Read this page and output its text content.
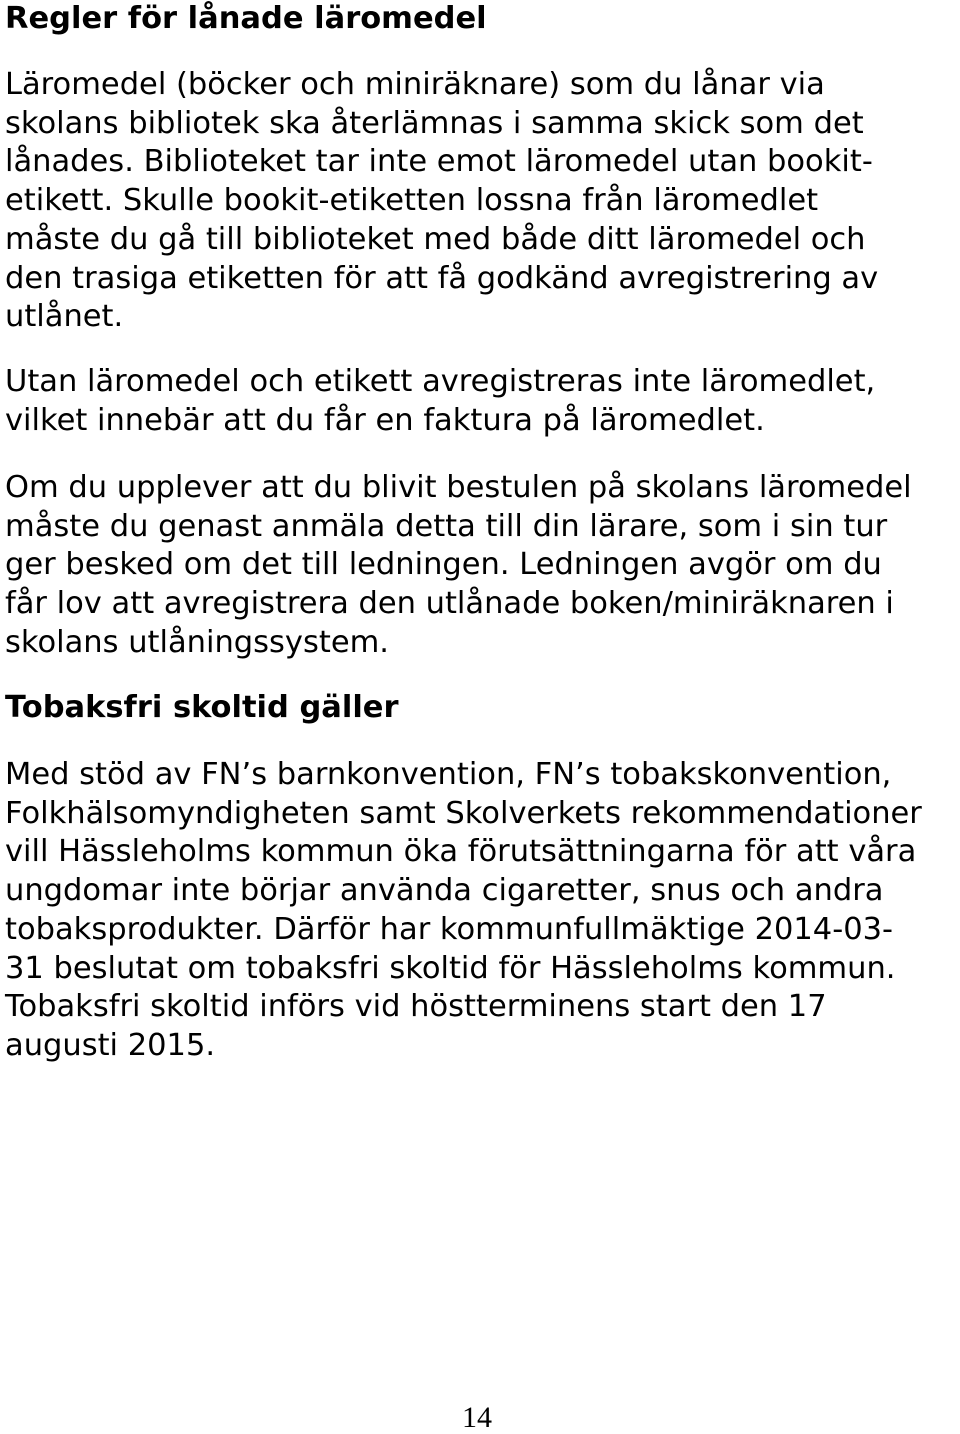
Regler för lånade läromedel

Läromedel (böcker och miniräknare) som du lånar via
skolans bibliotek ska återlämnas i samma skick som det
lånades. Biblioteket tar inte emot läromedel utan bookit-
etikett. Skulle bookit-etiketten lossna från läromedlet
måste du gå till biblioteket med både ditt läromedel och
den trasiga etiketten för att få godkänd avregistrering av
utlånet.

Utan läromedel och etikett avregistreras inte läromedlet,
vilket innebär att du får en faktura på läromedlet.

Om du upplever att du blivit bestulen på skolans läromedel
måste du genast anmäla detta till din lärare, som i sin tur
ger besked om det till ledningen. Ledningen avgör om du
får lov att avregistrera den utlånade boken/miniräknaren i
skolans utlåningssystem.

Tobaksfri skoltid gäller

Med stöd av FN’s barnkonvention, FN’s tobakskonvention,
Folkhälsomyndigheten samt Skolverkets rekommendationer
vill Hässleholms kommun öka förutsättningarna för att våra
ungdomar inte börjar använda cigaretter, snus och andra
tobaksprodukter. Därför har kommunfullmäktige 2014-03-
31 beslutat om tobaksfri skoltid för Hässleholms kommun.
Tobaksfri skoltid införs vid höstterminens start den 17
augusti 2015.

14
